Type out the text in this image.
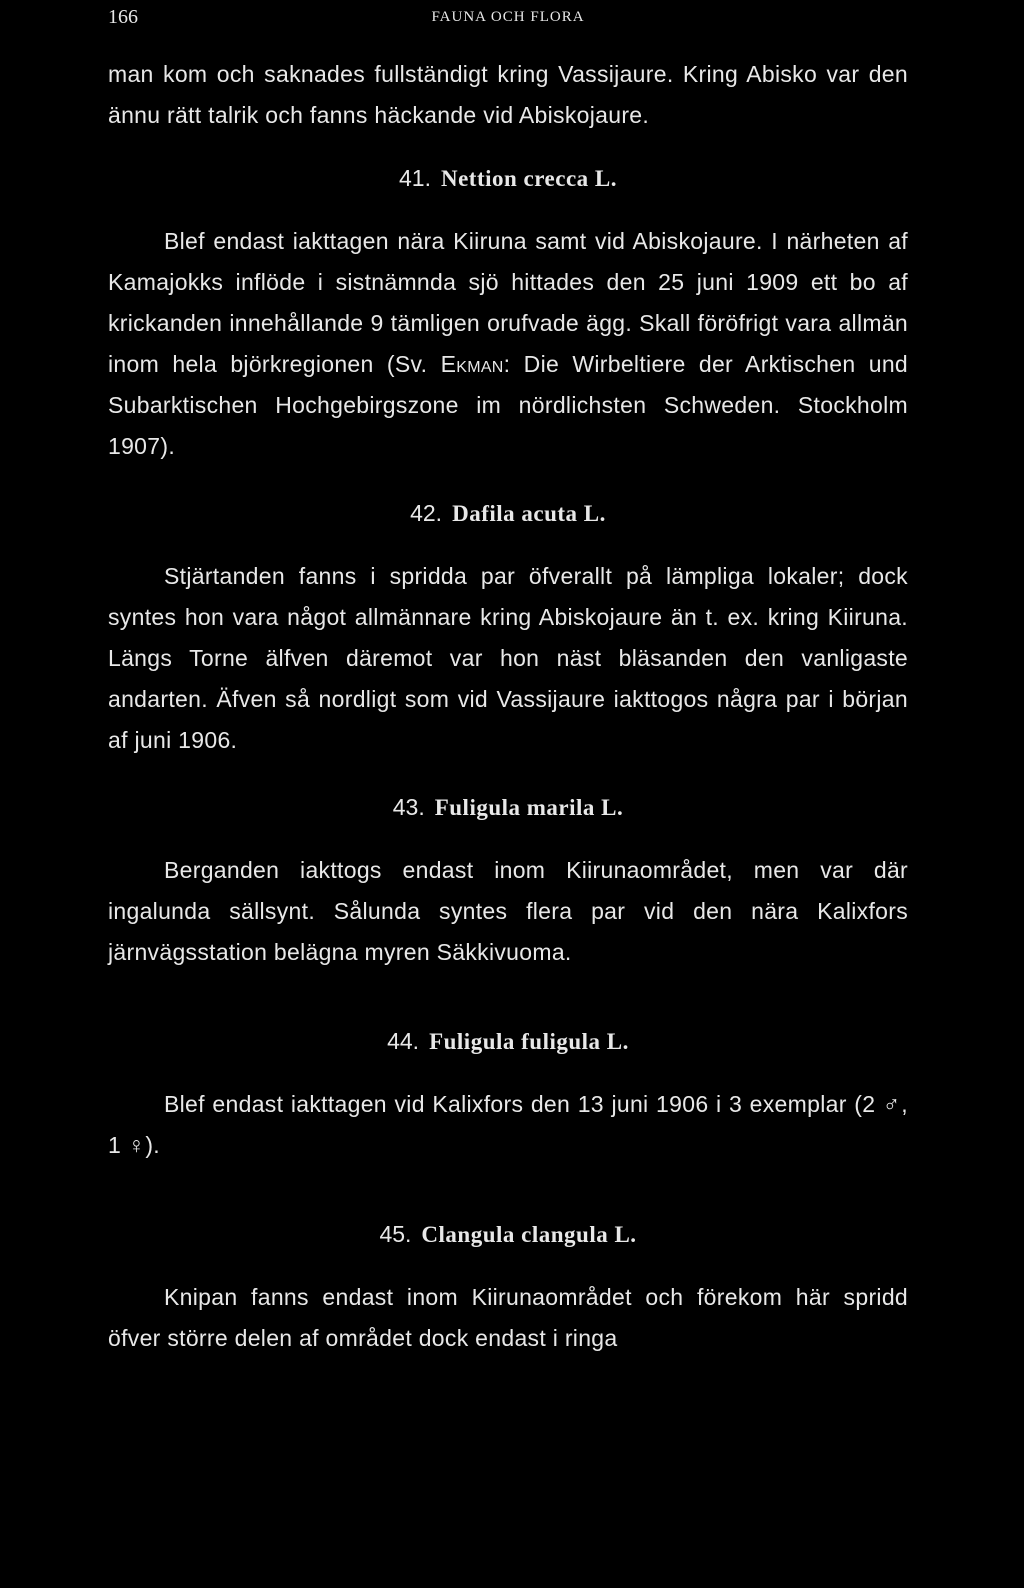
166	FAUNA OCH FLORA

man kom och saknades fullständigt kring Vassijaure. Kring Abisko var den ännu rätt talrik och fanns häckande vid Abiskojaure.

41. Nettion crecca L.

Blef endast iakttagen nära Kiiruna samt vid Abiskojaure. I närheten af Kamajokks inflöde i sistnämnda sjö hittades den 25 juni 1909 ett bo af krickanden innehållande 9 tämligen orufvade ägg. Skall föröfrigt vara allmän inom hela björkregionen (Sv. Ekman: Die Wirbeltiere der Arktischen und Subarktischen Hochgebirgszone im nördlichsten Schweden. Stockholm 1907).

42. Dafila acuta L.

Stjärtanden fanns i spridda par öfverallt på lämpliga lokaler; dock syntes hon vara något allmännare kring Abiskojaure än t. ex. kring Kiiruna. Längs Torne älfven däremot var hon näst bläsanden den vanligaste andarten. Äfven så nordligt som vid Vassijaure iakttogos några par i början af juni 1906.

43. Fuligula marila L.

Berganden iakttogs endast inom Kiirunaområdet, men var där ingalunda sällsynt. Sålunda syntes flera par vid den nära Kalixfors järnvägsstation belägna myren Säkkivuoma.

44. Fuligula fuligula L.

Blef endast iakttagen vid Kalixfors den 13 juni 1906 i 3 exemplar (2 ♂, 1 ♀).

45. Clangula clangula L.

Knipan fanns endast inom Kiirunaområdet och förekom här spridd öfver större delen af området dock endast i ringa
